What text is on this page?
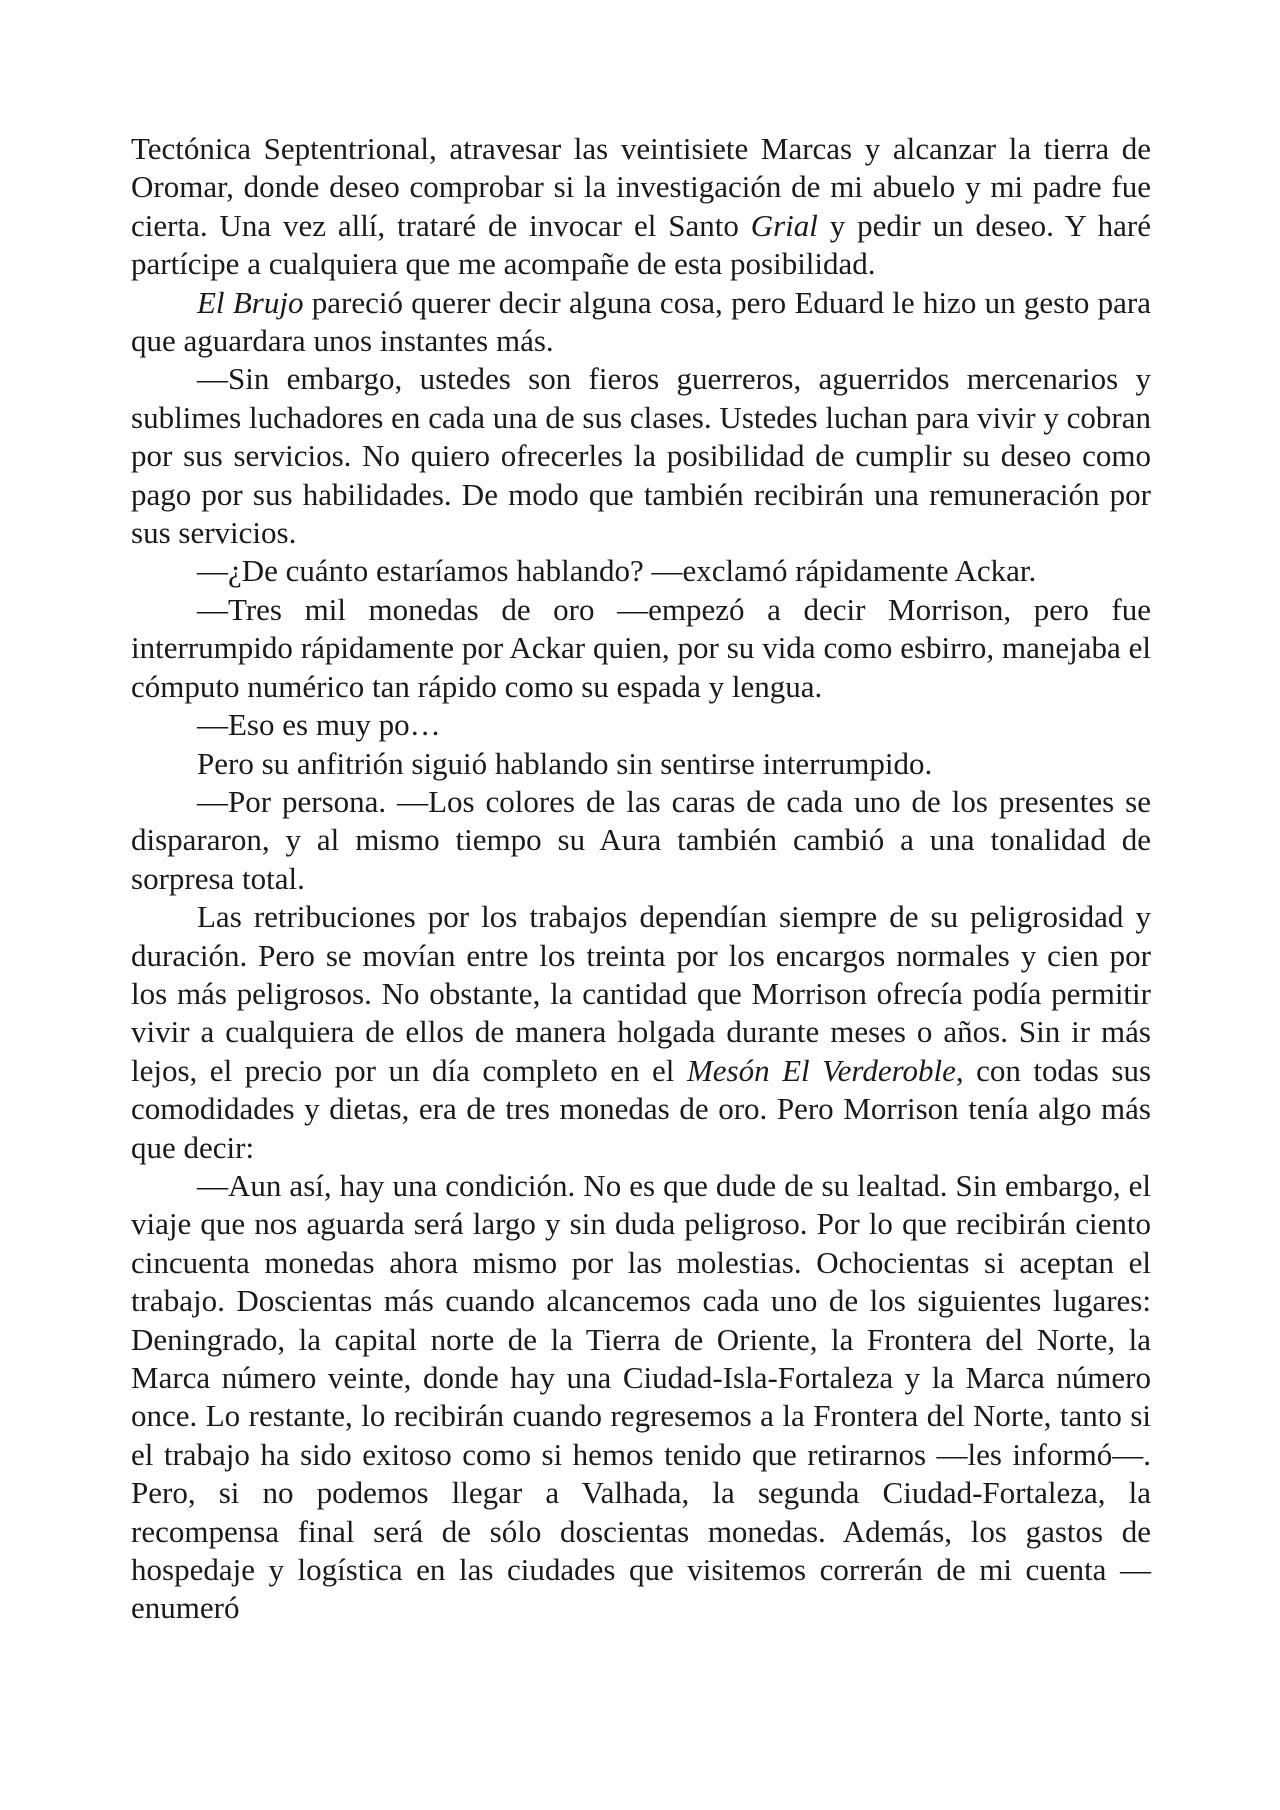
Tectónica Septentrional, atravesar las veintisiete Marcas y alcanzar la tierra de Oromar, donde deseo comprobar si la investigación de mi abuelo y mi padre fue cierta. Una vez allí, trataré de invocar el Santo Grial y pedir un deseo. Y haré partícipe a cualquiera que me acompañe de esta posibilidad.

El Brujo pareció querer decir alguna cosa, pero Eduard le hizo un gesto para que aguardara unos instantes más.

—Sin embargo, ustedes son fieros guerreros, aguerridos mercenarios y sublimes luchadores en cada una de sus clases. Ustedes luchan para vivir y cobran por sus servicios. No quiero ofrecerles la posibilidad de cumplir su deseo como pago por sus habilidades. De modo que también recibirán una remuneración por sus servicios.

—¿De cuánto estaríamos hablando? —exclamó rápidamente Ackar.

—Tres mil monedas de oro —empezó a decir Morrison, pero fue interrumpido rápidamente por Ackar quien, por su vida como esbirro, manejaba el cómputo numérico tan rápido como su espada y lengua.

—Eso es muy po…

Pero su anfitrión siguió hablando sin sentirse interrumpido.

—Por persona. —Los colores de las caras de cada uno de los presentes se dispararon, y al mismo tiempo su Aura también cambió a una tonalidad de sorpresa total.

Las retribuciones por los trabajos dependían siempre de su peligrosidad y duración. Pero se movían entre los treinta por los encargos normales y cien por los más peligrosos. No obstante, la cantidad que Morrison ofrecía podía permitir vivir a cualquiera de ellos de manera holgada durante meses o años. Sin ir más lejos, el precio por un día completo en el Mesón El Verderoble, con todas sus comodidades y dietas, era de tres monedas de oro. Pero Morrison tenía algo más que decir:

—Aun así, hay una condición. No es que dude de su lealtad. Sin embargo, el viaje que nos aguarda será largo y sin duda peligroso. Por lo que recibirán ciento cincuenta monedas ahora mismo por las molestias. Ochocientas si aceptan el trabajo. Doscientas más cuando alcancemos cada uno de los siguientes lugares: Deningrado, la capital norte de la Tierra de Oriente, la Frontera del Norte, la Marca número veinte, donde hay una Ciudad-Isla-Fortaleza y la Marca número once. Lo restante, lo recibirán cuando regresemos a la Frontera del Norte, tanto si el trabajo ha sido exitoso como si hemos tenido que retirarnos —les informó—. Pero, si no podemos llegar a Valhada, la segunda Ciudad-Fortaleza, la recompensa final será de sólo doscientas monedas. Además, los gastos de hospedaje y logística en las ciudades que visitemos correrán de mi cuenta —enumeró
